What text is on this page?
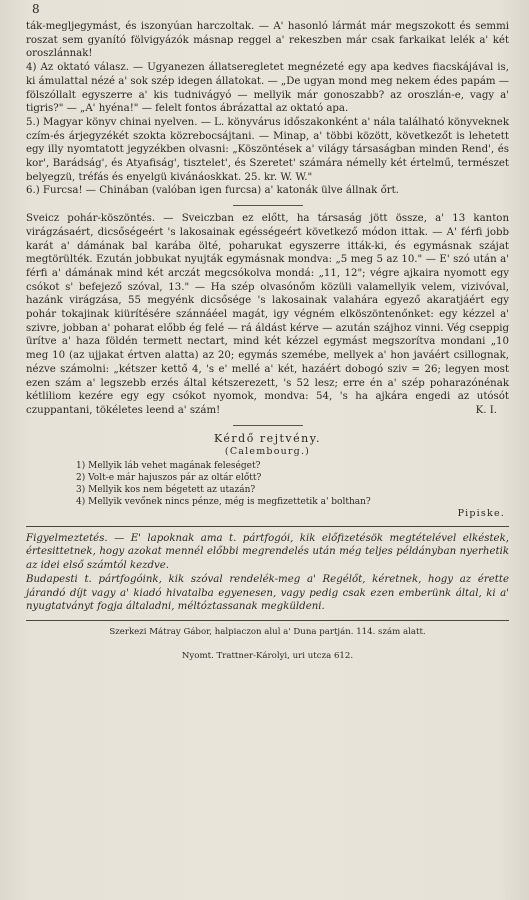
8

ták-megljegymást, és iszonyúan harczoltak. — A' hasonló lármát már megszokott és semmi roszat sem gyanító fölvigyázók másnap reggel a' rekeszben már csak farkaikat lelék a' két oroszlánnak!

4) Az oktató válasz. — Ugyanezen állatseregletet megnézeté egy apa kedves fiacskájával is, ki ámulattal nézé a' sok szép idegen állatokat. — „De ugyan mond meg nekem édes papám — fölszóllalt egyszerre a' kis tudnivágyó — mellyik már gonoszabb? az oroszlán-e, vagy a' tigris?" — „A' hyéna!" — felelt fontos ábrázattal az oktató apa.

5.) Magyar könyv chinai nyelven. — L. könyvárus időszakonként a' nála található könyveknek czím-és árjegyzékét szokta közrebocsájtani. — Minap, a' többi között, következőt is lehetett egy illy nyomtatott jegyzékben olvasni: „Köszöntések a' világy társaságban minden Rend', és kor', Barádság', és Atyafiság', tisztelet', és Szeretet' számára némelly két értelmű, természet belyegzü, tréfás és enyelgü kivánáoskkat. 25. kr. W. W."

6.) Furcsa! — Chinában (valóban igen furcsa) a' katonák ülve állnak őrt.

Sveicz pohár-köszöntés. — Sveiczban ez előtt, ha társaság jött össze, a' 13 kanton virágzásaért, dicsőségeért 's lakosainak egésségeért következő módon ittak. — A' férfi jobb karát a' dámának bal karába ölté, poharukat egyszerre itták-ki, és egymásnak szájat megtörülték. Ezután jobbukat nyujták egymásnak mondva: „5 meg 5 az 10." — E' szó után a' férfi a' dámának mind két arczát megcsókolva mondá: „11, 12"; végre ajkaira nyomott egy csókot s' befejező szóval, 13." — Ha szép olvasónőm közüli valamellyik velem, vizivóval, hazánk virágzása, 55 megyénk dicsősége 's lakosainak valahára egyező akaratjáért egy pohár tokajinak kiürítésére szánnáéel magát, igy végném elköszöntenőnket: egy kézzel a' szivre, jobban a' poharat előbb ég felé — rá áldást kérve — azután szájhoz vinni. Vég cseppig ürítve a' haza földén termett nectart, mind két kézzel egymást megszorítva mondani „10 meg 10 (az ujjakat értven alatta) az 20; egymás szemébe, mellyek a' hon javáért csillognak, nézve számolni: „kétszer kettő 4, 's e' mellé a' két, hazáért dobogó sziv = 26; legyen most ezen szám a' legszebb erzés által kétszerezett, 's 52 lesz; erre én a' szép poharazónénak kétliliom kezére egy egy csókot nyomok, mondva: 54, 's ha ajkára engedi az utósót czuppantani, tökéletes leend a' szám!	K. I.

Kérdő rejtvény.
(Calembourg.)
1) Mellyik láb vehet magának feleséget?
2) Volt-e már hajuszos pár az oltár előtt?
3) Mellyik kos nem bégetett az utazán?
4) Mellyik vevőnek nincs pénze, még is megfizettetik a' bolthan?
Pipiske.

Figyelmeztetés. — E' lapoknak ama t. pártfogói, kik előfizetésök megtételével elkéstek, értesittetnek, hogy azokat mennél előbbi megrendelés után még teljes példányban nyerhetik az idei első számtól kezdve.

Budapesti t. pártfogóink, kik szóval rendelék-meg a' Regélőt, kéretnek, hogy az érette járandó díjt vagy a' kiadó hivatalba egyenesen, vagy pedig csak ezen emberünk által, ki a' nyugtatványt fogja általadni, méltóztassanak megküldeni.

Szerkezi Mátray Gábor, halpiaczon alul a' Duna partján. 114. szám alatt.

Nyomt. Trattner-Károlyi, uri utcza 612.
